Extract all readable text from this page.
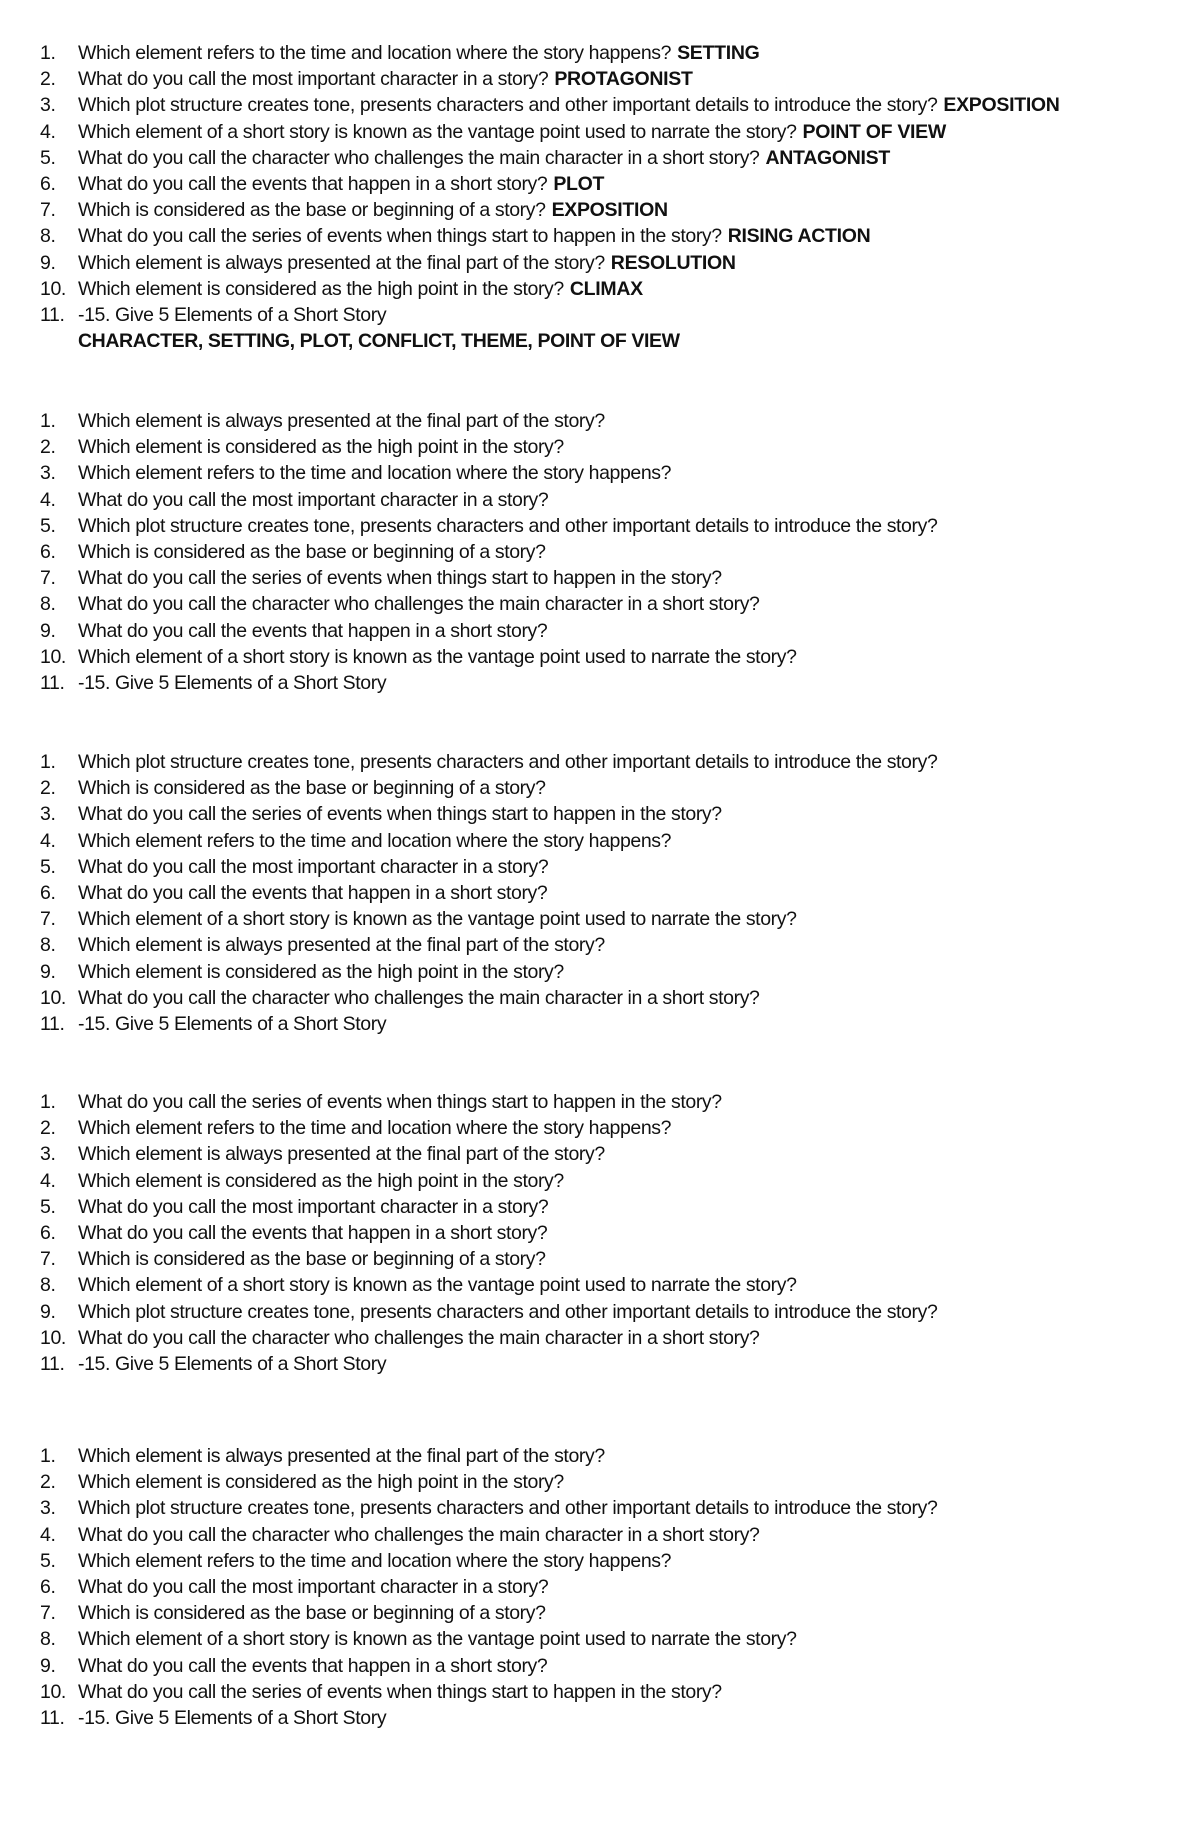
1.	Which element refers to the time and location where the story happens? SETTING
2.	What do you call the most important character in a story? PROTAGONIST
3.	Which plot structure creates tone, presents characters and other important details to introduce the story? EXPOSITION
4.	Which element of a short story is known as the vantage point used to narrate the story? POINT OF VIEW
5.	What do you call the character who challenges the main character in a short story? ANTAGONIST
6.	What do you call the events that happen in a short story? PLOT
7.	Which is considered as the base or beginning of a story? EXPOSITION
8.	What do you call the series of events when things start to happen in the story? RISING ACTION
9.	Which element is always presented at the final part of the story? RESOLUTION
10. Which element is considered as the high point in the story? CLIMAX
11. -15. Give 5 Elements of a Short Story
CHARACTER, SETTING, PLOT, CONFLICT, THEME, POINT OF VIEW
1.	Which element is always presented at the final part of the story?
2.	Which element is considered as the high point in the story?
3.	Which element refers to the time and location where the story happens?
4.	What do you call the most important character in a story?
5.	Which plot structure creates tone, presents characters and other important details to introduce the story?
6.	Which is considered as the base or beginning of a story?
7.	What do you call the series of events when things start to happen in the story?
8.	What do you call the character who challenges the main character in a short story?
9.	What do you call the events that happen in a short story?
10. Which element of a short story is known as the vantage point used to narrate the story?
11. -15. Give 5 Elements of a Short Story
1.	Which plot structure creates tone, presents characters and other important details to introduce the story?
2.	Which is considered as the base or beginning of a story?
3.	What do you call the series of events when things start to happen in the story?
4.	Which element refers to the time and location where the story happens?
5.	What do you call the most important character in a story?
6.	What do you call the events that happen in a short story?
7.	Which element of a short story is known as the vantage point used to narrate the story?
8.	Which element is always presented at the final part of the story?
9.	Which element is considered as the high point in the story?
10. What do you call the character who challenges the main character in a short story?
11. -15. Give 5 Elements of a Short Story
1.	What do you call the series of events when things start to happen in the story?
2.	Which element refers to the time and location where the story happens?
3.	Which element is always presented at the final part of the story?
4.	Which element is considered as the high point in the story?
5.	What do you call the most important character in a story?
6.	What do you call the events that happen in a short story?
7.	Which is considered as the base or beginning of a story?
8.	Which element of a short story is known as the vantage point used to narrate the story?
9.	Which plot structure creates tone, presents characters and other important details to introduce the story?
10. What do you call the character who challenges the main character in a short story?
11. -15. Give 5 Elements of a Short Story
1.	Which element is always presented at the final part of the story?
2.	Which element is considered as the high point in the story?
3.	Which plot structure creates tone, presents characters and other important details to introduce the story?
4.	What do you call the character who challenges the main character in a short story?
5.	Which element refers to the time and location where the story happens?
6.	What do you call the most important character in a story?
7.	Which is considered as the base or beginning of a story?
8.	Which element of a short story is known as the vantage point used to narrate the story?
9.	What do you call the events that happen in a short story?
10. What do you call the series of events when things start to happen in the story?
11. -15. Give 5 Elements of a Short Story
